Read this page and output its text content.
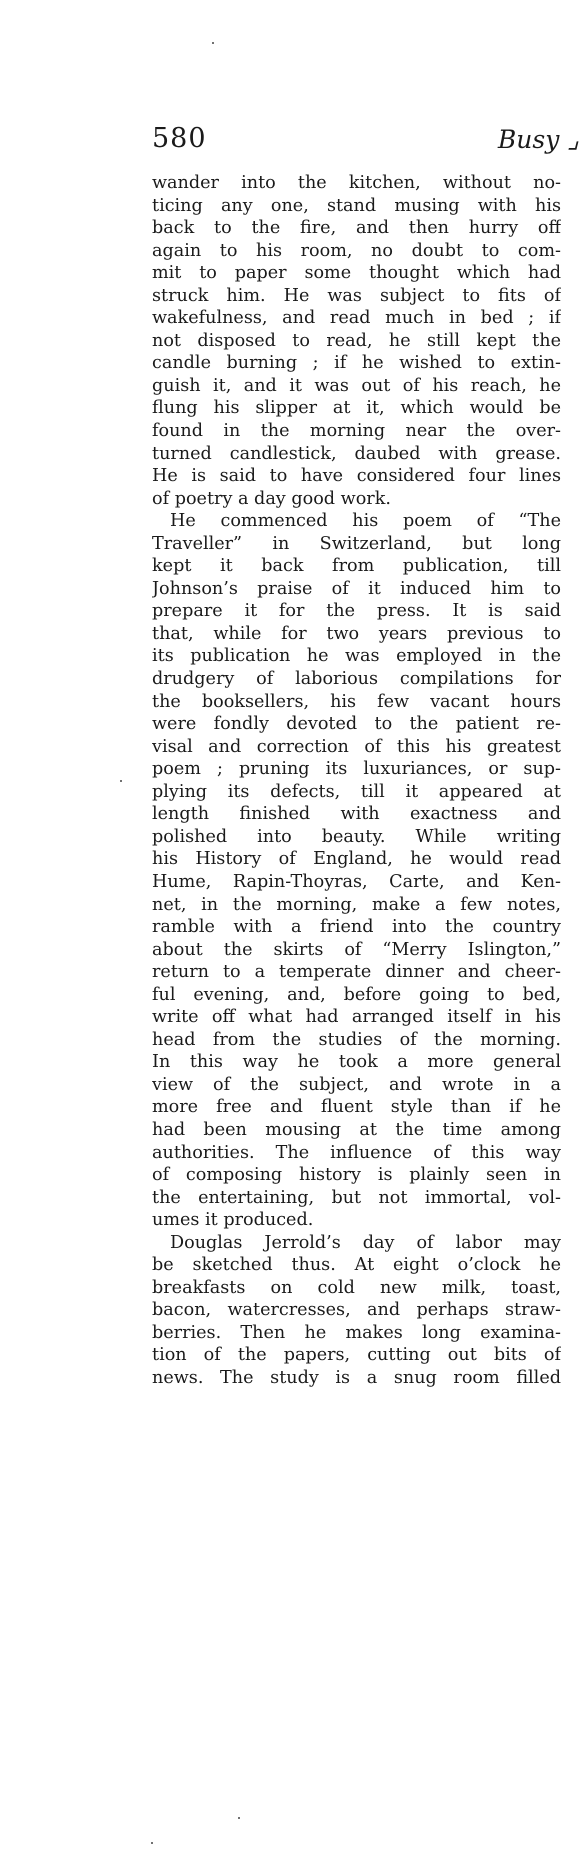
580	Busy ⌟
wander into the kitchen, without no-
ticing any one, stand musing with his
back to the fire, and then hurry off
again to his room, no doubt to com-
mit to paper some thought which had
struck him. He was subject to fits of
wakefulness, and read much in bed ; if
not disposed to read, he still kept the
candle burning ; if he wished to extin-
guish it, and it was out of his reach, he
flung his slipper at it, which would be
found in the morning near the over-
turned candlestick, daubed with grease.
He is said to have considered four lines
of poetry a day good work.
He commenced his poem of “The
Traveller” in Switzerland, but long
kept it back from publication, till
Johnson’s praise of it induced him to
prepare it for the press. It is said
that, while for two years previous to
its publication he was employed in the
drudgery of laborious compilations for
the booksellers, his few vacant hours
were fondly devoted to the patient re-
visal and correction of this his greatest
poem ; pruning its luxuriances, or sup-
plying its defects, till it appeared at
length finished with exactness and
polished into beauty. While writing
his History of England, he would read
Hume, Rapin-Thoyras, Carte, and Ken-
net, in the morning, make a few notes,
ramble with a friend into the country
about the skirts of “Merry Islington,”
return to a temperate dinner and cheer-
ful evening, and, before going to bed,
write off what had arranged itself in his
head from the studies of the morning.
In this way he took a more general
view of the subject, and wrote in a
more free and fluent style than if he
had been mousing at the time among
authorities. The influence of this way
of composing history is plainly seen in
the entertaining, but not immortal, vol-
umes it produced.
Douglas Jerrold’s day of labor may
be sketched thus. At eight o’clock he
breakfasts on cold new milk, toast,
bacon, watercresses, and perhaps straw-
berries. Then he makes long examina-
tion of the papers, cutting out bits of
news. The study is a snug room filled
